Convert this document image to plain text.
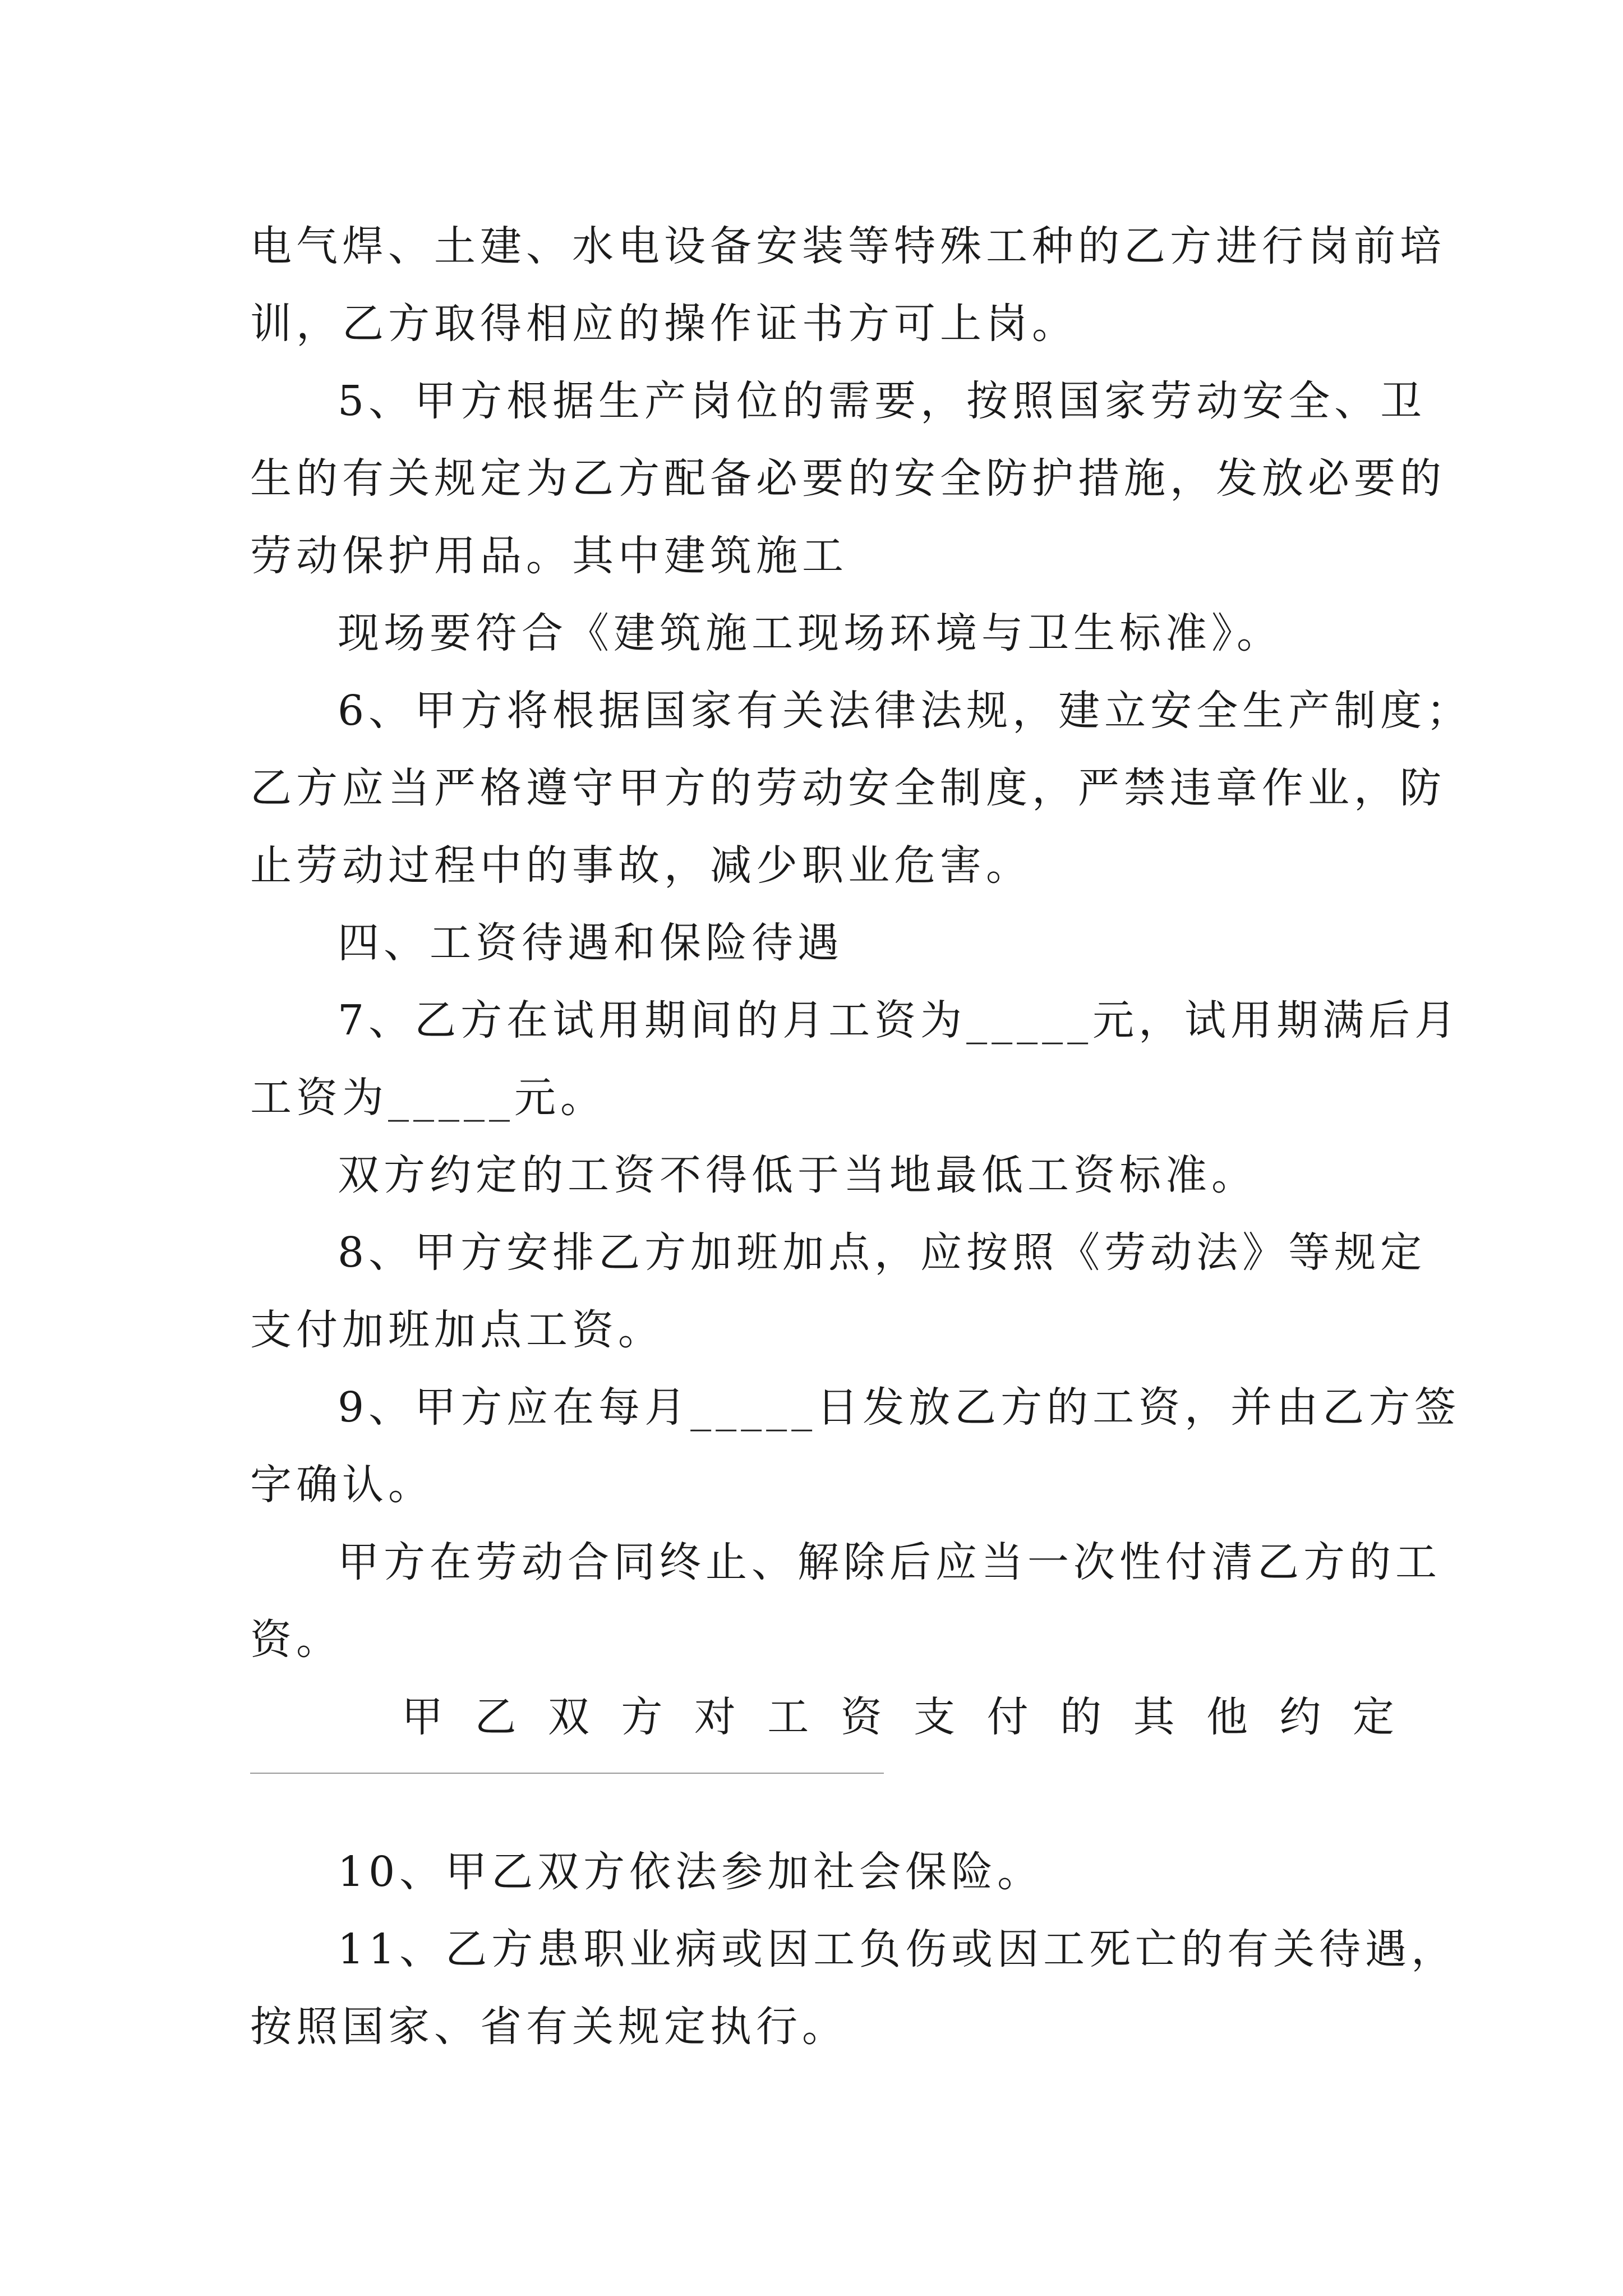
电气焊、土建、水电设备安装等特殊工种的乙方进行岗前培
训，乙方取得相应的操作证书方可上岗。
5、甲方根据生产岗位的需要，按照国家劳动安全、卫
生的有关规定为乙方配备必要的安全防护措施，发放必要的
劳动保护用品。其中建筑施工
现场要符合《建筑施工现场环境与卫生标准》。
6、甲方将根据国家有关法律法规，建立安全生产制度；
乙方应当严格遵守甲方的劳动安全制度，严禁违章作业，防
止劳动过程中的事故，减少职业危害。
四、工资待遇和保险待遇
7、乙方在试用期间的月工资为_____元，试用期满后月
工资为_____元。
双方约定的工资不得低于当地最低工资标准。
8、甲方安排乙方加班加点，应按照《劳动法》等规定
支付加班加点工资。
9、甲方应在每月_____日发放乙方的工资，并由乙方签
字确认。
甲方在劳动合同终止、解除后应当一次性付清乙方的工
资。
甲 乙 双 方 对 工 资 支 付 的 其 他 约 定
10、甲乙双方依法参加社会保险。
11、乙方患职业病或因工负伤或因工死亡的有关待遇，
按照国家、省有关规定执行。
